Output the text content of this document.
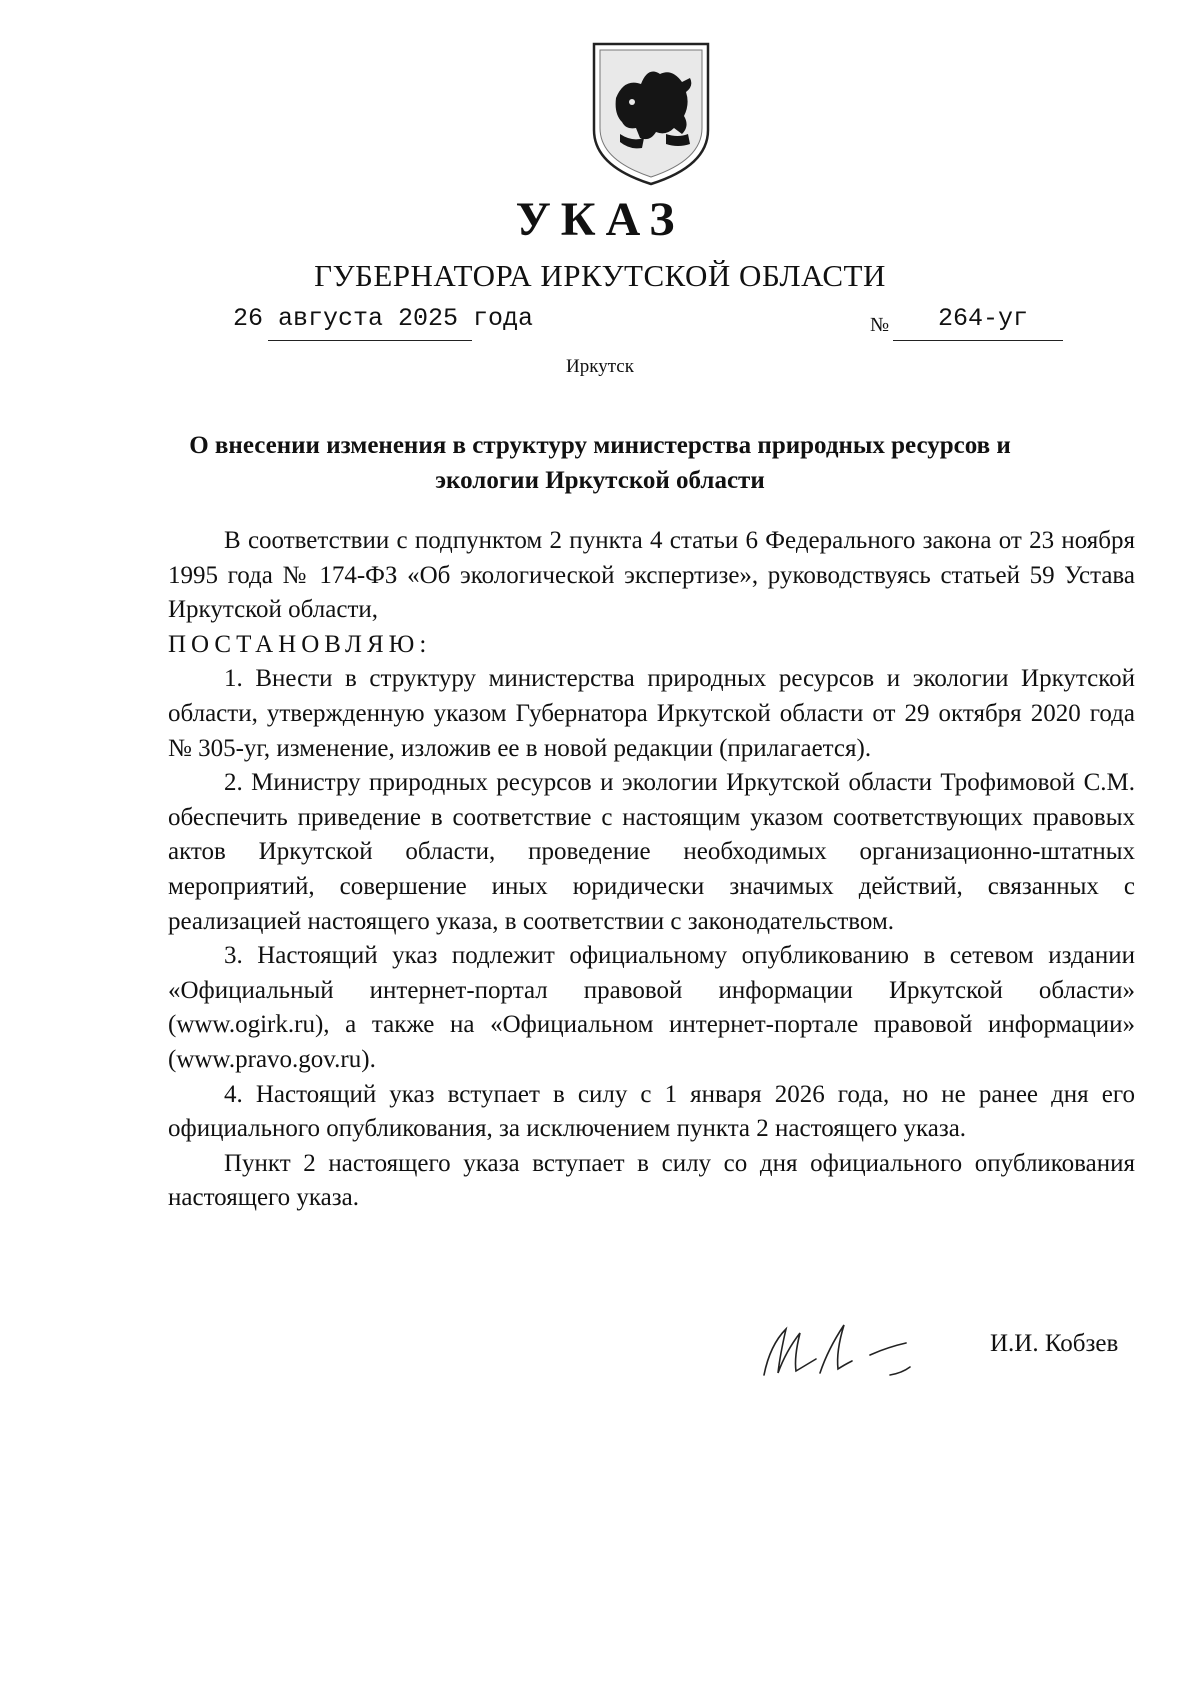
УКАЗ
ГУБЕРНАТОРА ИРКУТСКОЙ ОБЛАСТИ
26 августа 2025 года	№ 264-уг
Иркутск
О внесении изменения в структуру министерства природных ресурсов и экологии Иркутской области

В соответствии с подпунктом 2 пункта 4 статьи 6 Федерального закона от 23 ноября 1995 года № 174-ФЗ «Об экологической экспертизе», руководствуясь статьей 59 Устава Иркутской области,

ПОСТАНОВЛЯЮ:

1. Внести в структуру министерства природных ресурсов и экологии Иркутской области, утвержденную указом Губернатора Иркутской области от 29 октября 2020 года № 305-уг, изменение, изложив ее в новой редакции (прилагается).

2. Министру природных ресурсов и экологии Иркутской области Трофимовой С.М. обеспечить приведение в соответствие с настоящим указом соответствующих правовых актов Иркутской области, проведение необходимых организационно-штатных мероприятий, совершение иных юридически значимых действий, связанных с реализацией настоящего указа, в соответствии с законодательством.

3. Настоящий указ подлежит официальному опубликованию в сетевом издании «Официальный интернет-портал правовой информации Иркутской области» (www.ogirk.ru), а также на «Официальном интернет-портале правовой информации» (www.pravo.gov.ru).

4. Настоящий указ вступает в силу с 1 января 2026 года, но не ранее дня его официального опубликования, за исключением пункта 2 настоящего указа.

Пункт 2 настоящего указа вступает в силу со дня официального опубликования настоящего указа.

И.И. Кобзев
